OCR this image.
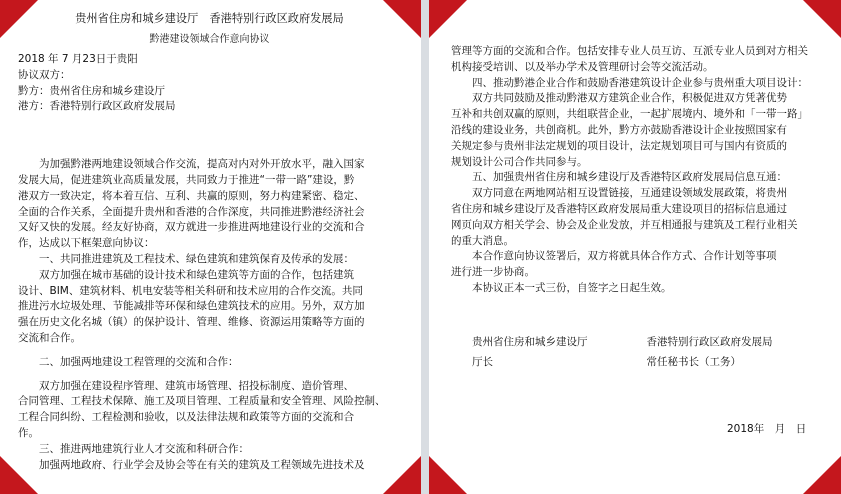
贵州省住房和城乡建设厅　香港特别行政区政府发展局
黔港建设领域合作意向协议
2018 年 7 月23日于贵阳
协议双方：
黔方：贵州省住房和城乡建设厅
港方：香港特别行政区政府发展局
为加强黔港两地建设领域合作交流，提高对内对外开放水平，融入国家
发展大局，促进建筑业高质量发展，共同致力于推进“一带一路”建设，黔
港双方一致决定，将本着互信、互利、共赢的原则，努力构建紧密、稳定、
全面的合作关系，全面提升贵州和香港的合作深度，共同推进黔港经济社会
又好又快的发展。经友好协商，双方就进一步推进两地建设行业的交流和合
作，达成以下框架意向协议：
一、共同推进建筑及工程技术、绿色建筑和建筑保育及传承的发展：
双方加强在城市基础的设计技术和绿色建筑等方面的合作，包括建筑
设计、BIM、建筑材料、机电安装等相关科研和技术应用的合作交流。共同
推进污水垃圾处理、节能减排等环保和绿色建筑技术的应用。另外，双方加
强在历史文化名城（镇）的保护设计、管理、维修、资源运用策略等方面的
交流和合作。
二、加强两地建设工程管理的交流和合作：
双方加强在建设程序管理、建筑市场管理、招投标制度、造价管理、
合同管理、工程技术保障、施工及项目管理、工程质量和安全管理、风险控制、
工程合同纠纷、工程检测和验收，以及法律法规和政策等方面的交流和合
作。
三、推进两地建筑行业人才交流和科研合作：
加强两地政府、行业学会及协会等在有关的建筑及工程领域先进技术及
管理等方面的交流和合作。包括安排专业人员互访、互派专业人员到对方相关
机构接受培训、以及举办学术及管理研讨会等交流活动。
四、推动黔港企业合作和鼓励香港建筑设计企业参与贵州重大项目设计：
双方共同鼓励及推动黔港双方建筑企业合作，积极促进双方凭著优势
互补和共创双赢的原则，共组联营企业，一起扩展境内、境外和「一带一路」
沿线的建设业务，共创商机。此外，黔方亦鼓励香港设计企业按照国家有
关规定参与贵州非法定规划的项目设计，法定规划项目可与国内有资质的
规划设计公司合作共同参与。
五、加强贵州省住房和城乡建设厅及香港特区政府发展局信息互通：
双方同意在两地网站相互设置链接，互通建设领域发展政策，将贵州
省住房和城乡建设厅及香港特区政府发展局重大建设项目的招标信息通过
网页向双方相关学会、协会及企业发放，并互相通报与建筑及工程行业相关
的重大消息。
本合作意向协议签署后，双方将就具体合作方式、合作计划等事项
进行进一步协商。
本协议正本一式三份，自签字之日起生效。
贵州省住房和城乡建设厅
厅长
香港特别行政区政府发展局
常任秘书长（工务）
2018年　月　日
